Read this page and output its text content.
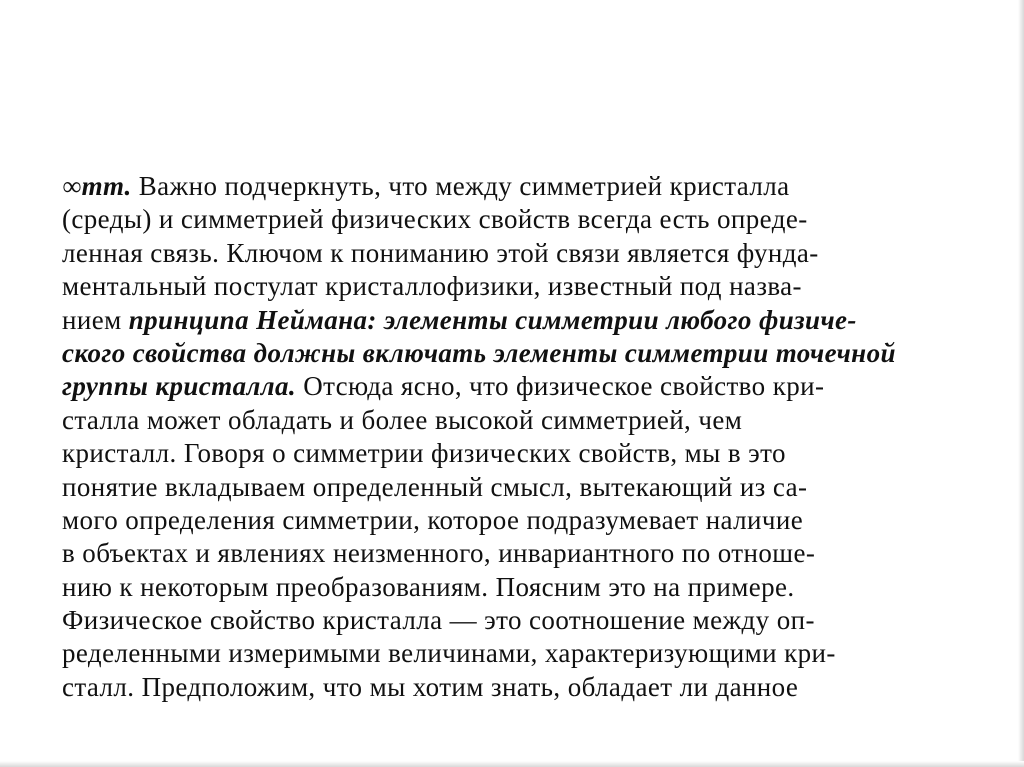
∞mm. Важно подчеркнуть, что между симметрией кристалла
(среды) и симметрией физических свойств всегда есть опреде-
ленная связь. Ключом к пониманию этой связи является фунда-
ментальный постулат кристаллофизики, известный под назва-
нием принципа Неймана: элементы симметрии любого физиче-
ского свойства должны включать элементы симметрии точечной
группы кристалла. Отсюда ясно, что физическое свойство кри-
сталла может обладать и более высокой симметрией, чем
кристалл. Говоря о симметрии физических свойств, мы в это
понятие вкладываем определенный смысл, вытекающий из са-
мого определения симметрии, которое подразумевает наличие
в объектах и явлениях неизменного, инвариантного по отноше-
нию к некоторым преобразованиям. Поясним это на примере.
Физическое свойство кристалла — это соотношение между оп-
ределенными измеримыми величинами, характеризующими кри-
сталл. Предположим, что мы хотим знать, обладает ли данное
